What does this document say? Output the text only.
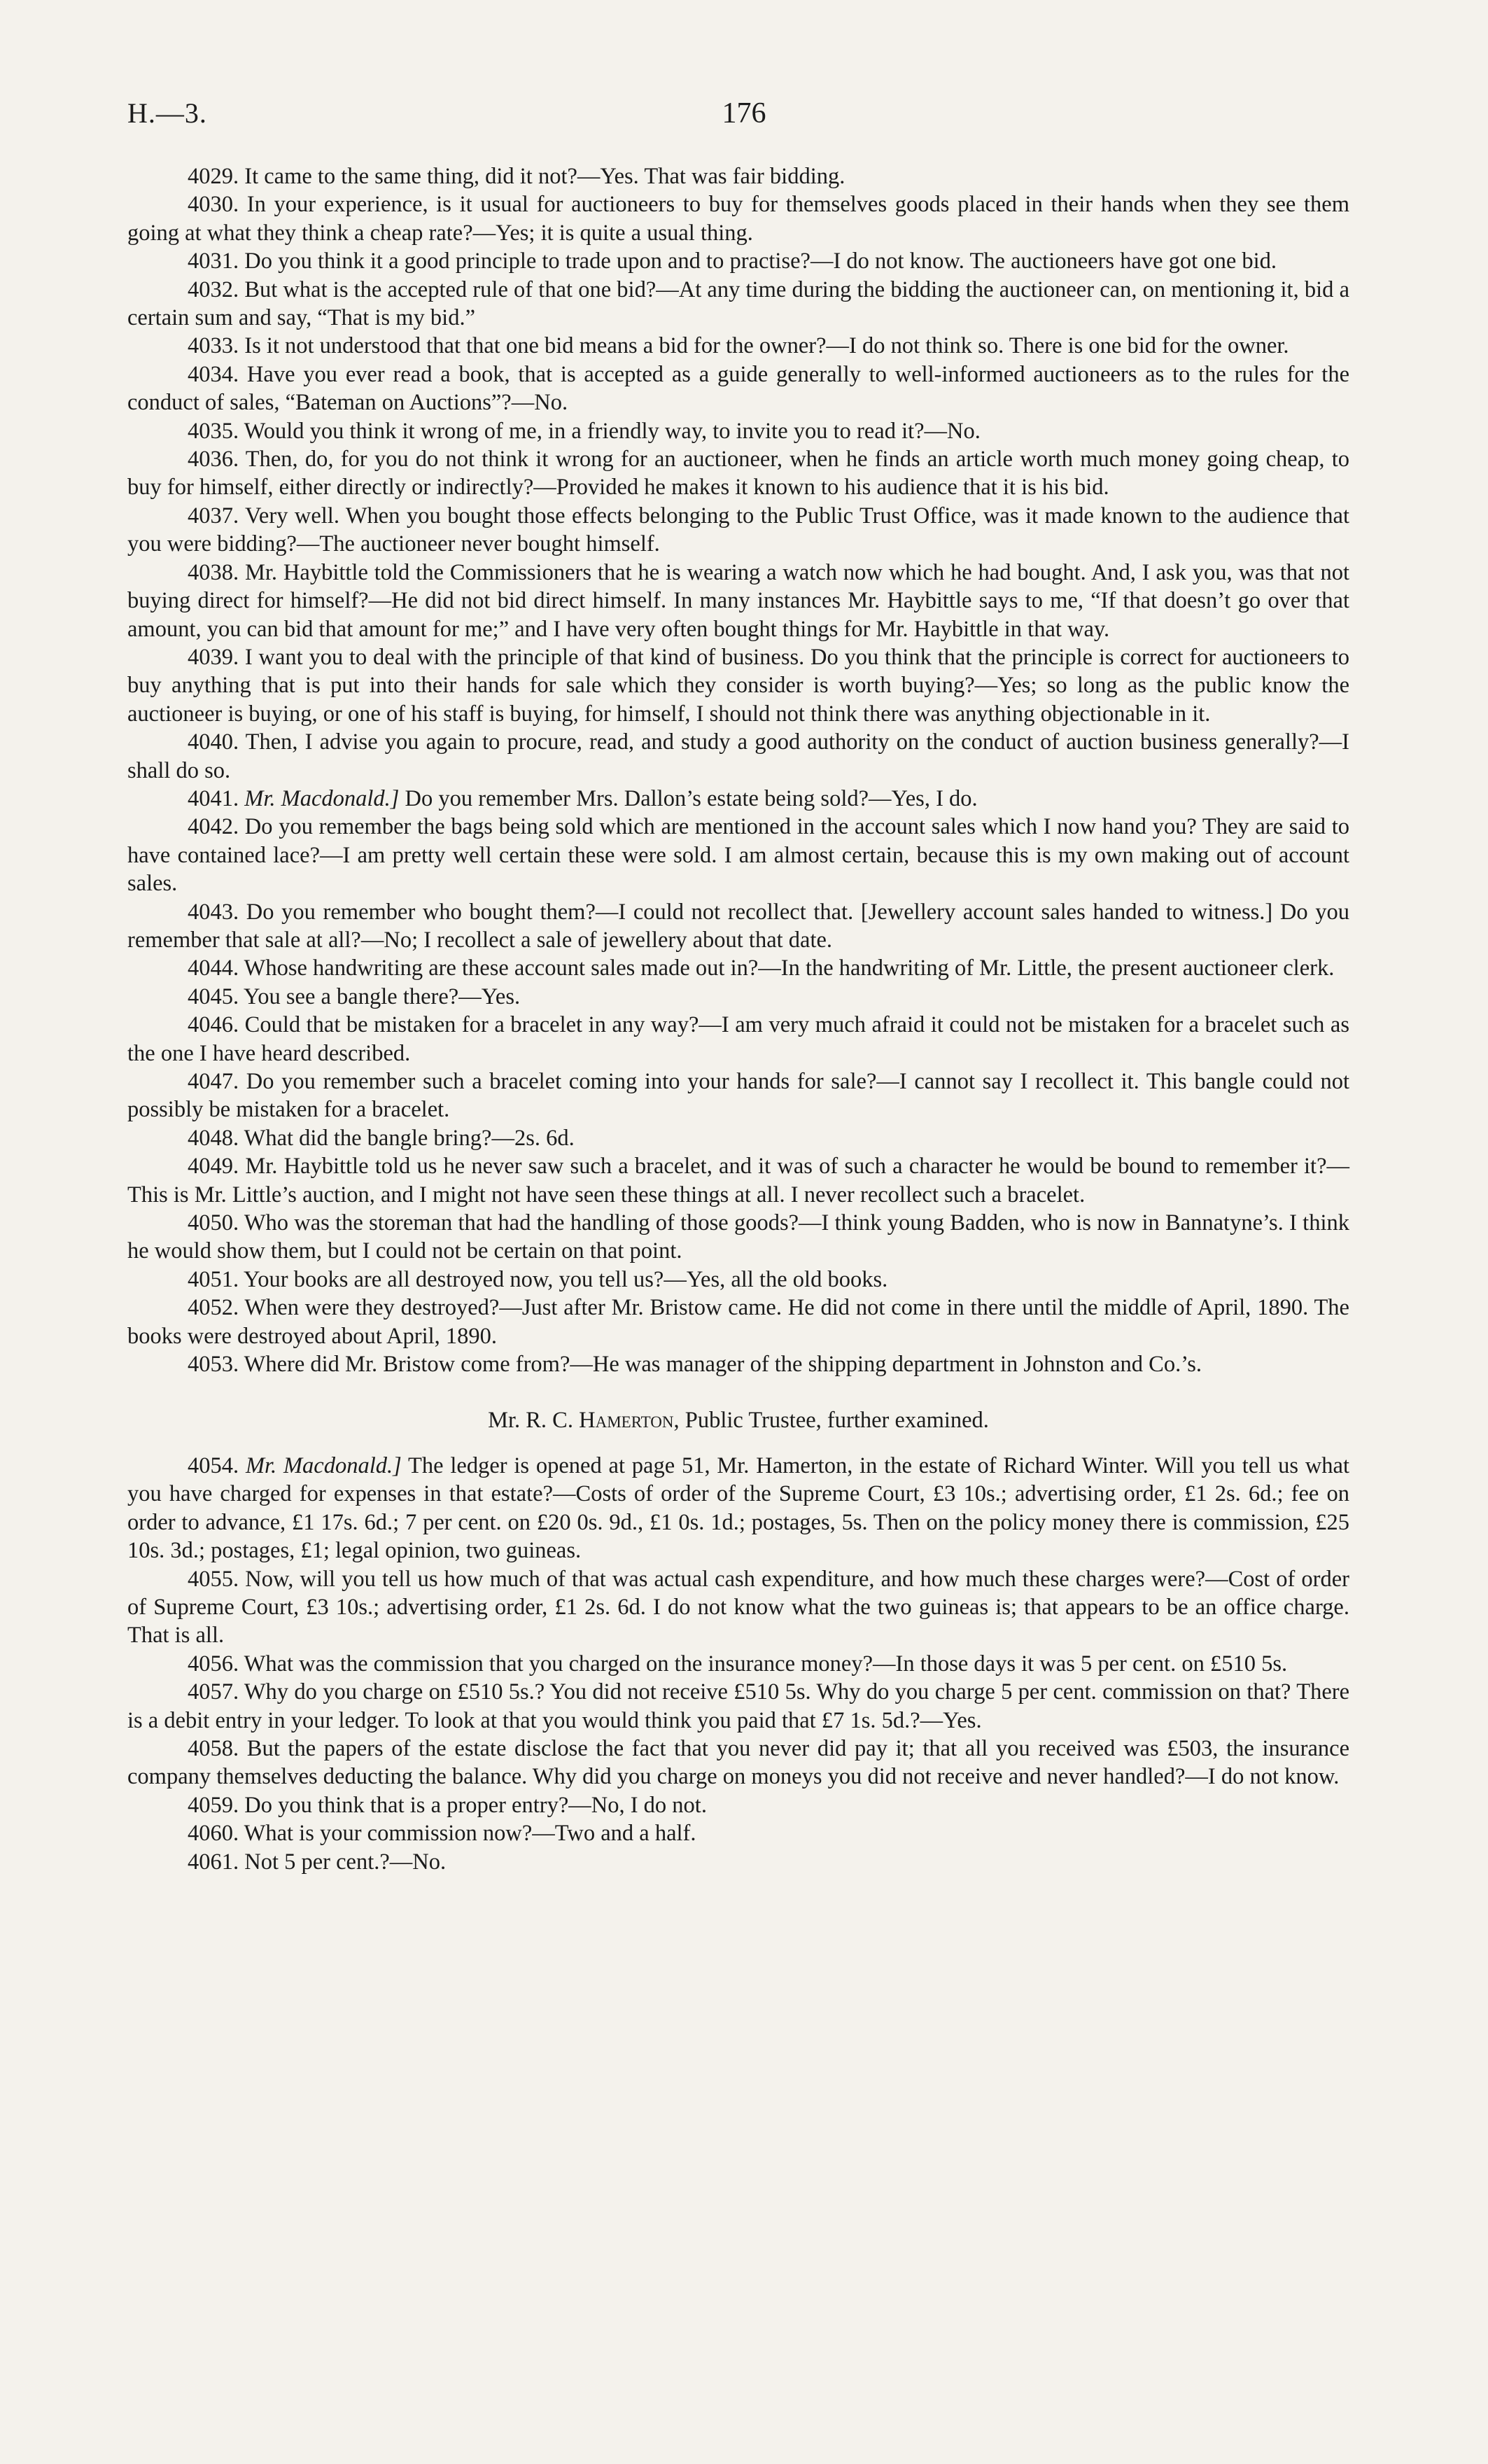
H.—3.	176

4029. It came to the same thing, did it not?—Yes. That was fair bidding.

4030. In your experience, is it usual for auctioneers to buy for themselves goods placed in their hands when they see them going at what they think a cheap rate?—Yes; it is quite a usual thing.

4031. Do you think it a good principle to trade upon and to practise?—I do not know. The auctioneers have got one bid.

4032. But what is the accepted rule of that one bid?—At any time during the bidding the auctioneer can, on mentioning it, bid a certain sum and say, “That is my bid.”

4033. Is it not understood that that one bid means a bid for the owner?—I do not think so. There is one bid for the owner.

4034. Have you ever read a book, that is accepted as a guide generally to well-informed auctioneers as to the rules for the conduct of sales, “Bateman on Auctions”?—No.

4035. Would you think it wrong of me, in a friendly way, to invite you to read it?—No.

4036. Then, do, for you do not think it wrong for an auctioneer, when he finds an article worth much money going cheap, to buy for himself, either directly or indirectly?—Provided he makes it known to his audience that it is his bid.

4037. Very well. When you bought those effects belonging to the Public Trust Office, was it made known to the audience that you were bidding?—The auctioneer never bought himself.

4038. Mr. Haybittle told the Commissioners that he is wearing a watch now which he had bought. And, I ask you, was that not buying direct for himself?—He did not bid direct himself. In many instances Mr. Haybittle says to me, “If that doesn’t go over that amount, you can bid that amount for me;” and I have very often bought things for Mr. Haybittle in that way.

4039. I want you to deal with the principle of that kind of business. Do you think that the principle is correct for auctioneers to buy anything that is put into their hands for sale which they consider is worth buying?—Yes; so long as the public know the auctioneer is buying, or one of his staff is buying, for himself, I should not think there was anything objectionable in it.

4040. Then, I advise you again to procure, read, and study a good authority on the conduct of auction business generally?—I shall do so.

4041. Mr. Macdonald.] Do you remember Mrs. Dallon’s estate being sold?—Yes, I do.

4042. Do you remember the bags being sold which are mentioned in the account sales which I now hand you? They are said to have contained lace?—I am pretty well certain these were sold. I am almost certain, because this is my own making out of account sales.

4043. Do you remember who bought them?—I could not recollect that. [Jewellery account sales handed to witness.] Do you remember that sale at all?—No; I recollect a sale of jewellery about that date.

4044. Whose handwriting are these account sales made out in?—In the handwriting of Mr. Little, the present auctioneer clerk.

4045. You see a bangle there?—Yes.

4046. Could that be mistaken for a bracelet in any way?—I am very much afraid it could not be mistaken for a bracelet such as the one I have heard described.

4047. Do you remember such a bracelet coming into your hands for sale?—I cannot say I recollect it. This bangle could not possibly be mistaken for a bracelet.

4048. What did the bangle bring?—2s. 6d.

4049. Mr. Haybittle told us he never saw such a bracelet, and it was of such a character he would be bound to remember it?—This is Mr. Little’s auction, and I might not have seen these things at all. I never recollect such a bracelet.

4050. Who was the storeman that had the handling of those goods?—I think young Badden, who is now in Bannatyne’s. I think he would show them, but I could not be certain on that point.

4051. Your books are all destroyed now, you tell us?—Yes, all the old books.

4052. When were they destroyed?—Just after Mr. Bristow came. He did not come in there until the middle of April, 1890. The books were destroyed about April, 1890.

4053. Where did Mr. Bristow come from?—He was manager of the shipping department in Johnston and Co.’s.

Mr. R. C. Hamerton, Public Trustee, further examined.

4054. Mr. Macdonald.] The ledger is opened at page 51, Mr. Hamerton, in the estate of Richard Winter. Will you tell us what you have charged for expenses in that estate?—Costs of order of the Supreme Court, £3 10s.; advertising order, £1 2s. 6d.; fee on order to advance, £1 17s. 6d.; 7 per cent. on £20 0s. 9d., £1 0s. 1d.; postages, 5s. Then on the policy money there is commission, £25 10s. 3d.; postages, £1; legal opinion, two guineas.

4055. Now, will you tell us how much of that was actual cash expenditure, and how much these charges were?—Cost of order of Supreme Court, £3 10s.; advertising order, £1 2s. 6d. I do not know what the two guineas is; that appears to be an office charge. That is all.

4056. What was the commission that you charged on the insurance money?—In those days it was 5 per cent. on £510 5s.

4057. Why do you charge on £510 5s.? You did not receive £510 5s. Why do you charge 5 per cent. commission on that? There is a debit entry in your ledger. To look at that you would think you paid that £7 1s. 5d.?—Yes.

4058. But the papers of the estate disclose the fact that you never did pay it; that all you received was £503, the insurance company themselves deducting the balance. Why did you charge on moneys you did not receive and never handled?—I do not know.

4059. Do you think that is a proper entry?—No, I do not.

4060. What is your commission now?—Two and a half.

4061. Not 5 per cent.?—No.
